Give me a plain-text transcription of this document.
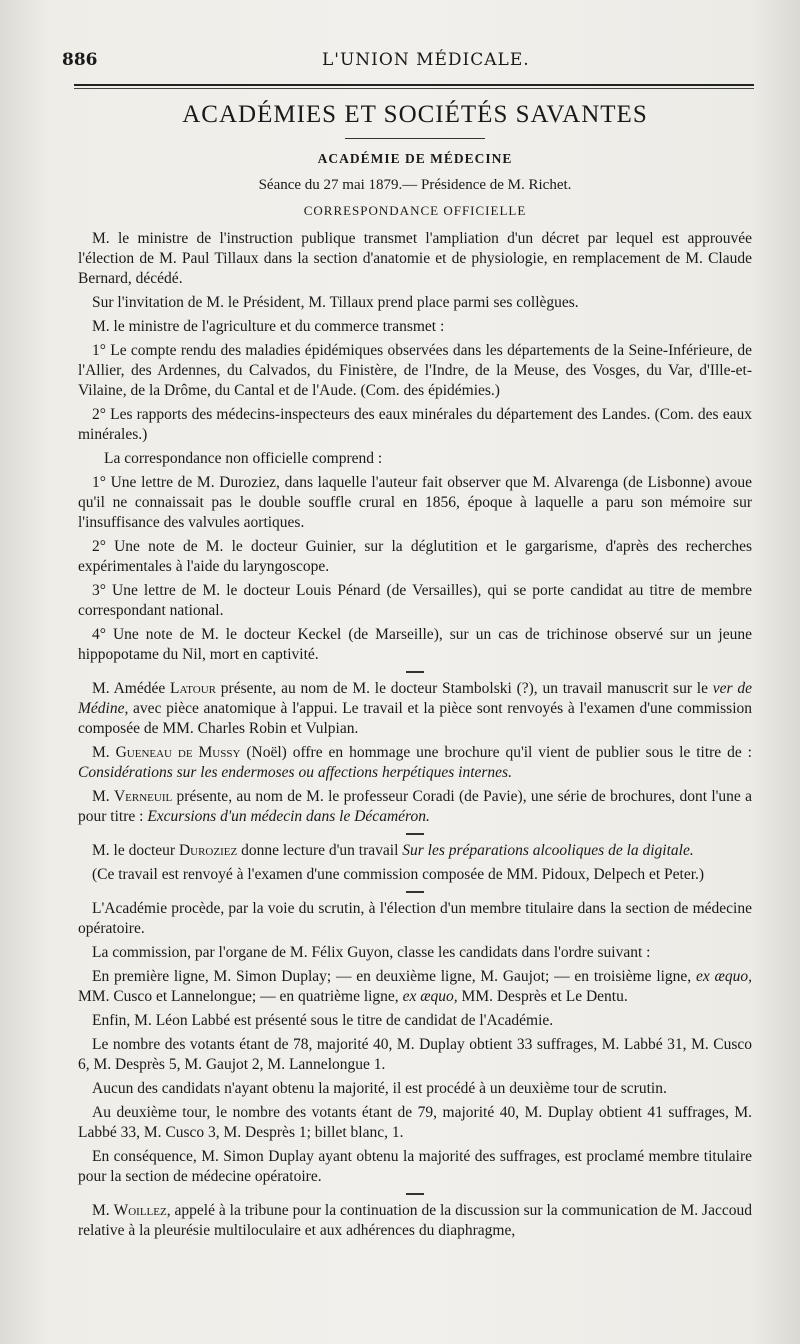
886	L'UNION MÉDICALE.
ACADÉMIES ET SOCIÉTÉS SAVANTES
ACADÉMIE DE MÉDECINE
Séance du 27 mai 1879.— Présidence de M. Richet.
CORRESPONDANCE OFFICIELLE

M. le ministre de l'instruction publique transmet l'ampliation d'un décret par lequel est approuvée l'élection de M. Paul Tillaux dans la section d'anatomie et de physiologie, en remplacement de M. Claude Bernard, décédé.

Sur l'invitation de M. le Président, M. Tillaux prend place parmi ses collègues.

M. le ministre de l'agriculture et du commerce transmet :

1° Le compte rendu des maladies épidémiques observées dans les départements de la Seine-Inférieure, de l'Allier, des Ardennes, du Calvados, du Finistère, de l'Indre, de la Meuse, des Vosges, du Var, d'Ille-et-Vilaine, de la Drôme, du Cantal et de l'Aude. (Com. des épidémies.)

2° Les rapports des médecins-inspecteurs des eaux minérales du département des Landes. (Com. des eaux minérales.)

La correspondance non officielle comprend :

1° Une lettre de M. Duroziez, dans laquelle l'auteur fait observer que M. Alvarenga (de Lisbonne) avoue qu'il ne connaissait pas le double souffle crural en 1856, époque à laquelle a paru son mémoire sur l'insuffisance des valvules aortiques.

2° Une note de M. le docteur Guinier, sur la déglutition et le gargarisme, d'après des recherches expérimentales à l'aide du laryngoscope.

3° Une lettre de M. le docteur Louis Pénard (de Versailles), qui se porte candidat au titre de membre correspondant national.

4° Une note de M. le docteur Keckel (de Marseille), sur un cas de trichinose observé sur un jeune hippopotame du Nil, mort en captivité.

M. Amédée Latour présente, au nom de M. le docteur Stambolski (?), un travail manuscrit sur le ver de Médine, avec pièce anatomique à l'appui. Le travail et la pièce sont renvoyés à l'examen d'une commission composée de MM. Charles Robin et Vulpian.

M. Gueneau de Mussy (Noël) offre en hommage une brochure qu'il vient de publier sous le titre de : Considérations sur les endermoses ou affections herpétiques internes.

M. Verneuil présente, au nom de M. le professeur Coradi (de Pavie), une série de brochures, dont l'une a pour titre : Excursions d'un médecin dans le Décaméron.

M. le docteur Duroziez donne lecture d'un travail Sur les préparations alcooliques de la digitale.

(Ce travail est renvoyé à l'examen d'une commission composée de MM. Pidoux, Delpech et Peter.)

L'Académie procède, par la voie du scrutin, à l'élection d'un membre titulaire dans la section de médecine opératoire.

La commission, par l'organe de M. Félix Guyon, classe les candidats dans l'ordre suivant :

En première ligne, M. Simon Duplay; — en deuxième ligne, M. Gaujot; — en troisième ligne, ex æquo, MM. Cusco et Lannelongue; — en quatrième ligne, ex æquo, MM. Desprès et Le Dentu.

Enfin, M. Léon Labbé est présenté sous le titre de candidat de l'Académie.

Le nombre des votants étant de 78, majorité 40, M. Duplay obtient 33 suffrages, M. Labbé 31, M. Cusco 6, M. Desprès 5, M. Gaujot 2, M. Lannelongue 1.

Aucun des candidats n'ayant obtenu la majorité, il est procédé à un deuxième tour de scrutin.

Au deuxième tour, le nombre des votants étant de 79, majorité 40, M. Duplay obtient 41 suffrages, M. Labbé 33, M. Cusco 3, M. Desprès 1; billet blanc, 1.

En conséquence, M. Simon Duplay ayant obtenu la majorité des suffrages, est proclamé membre titulaire pour la section de médecine opératoire.

M. Woillez, appelé à la tribune pour la continuation de la discussion sur la communication de M. Jaccoud relative à la pleurésie multiloculaire et aux adhérences du diaphragme,
